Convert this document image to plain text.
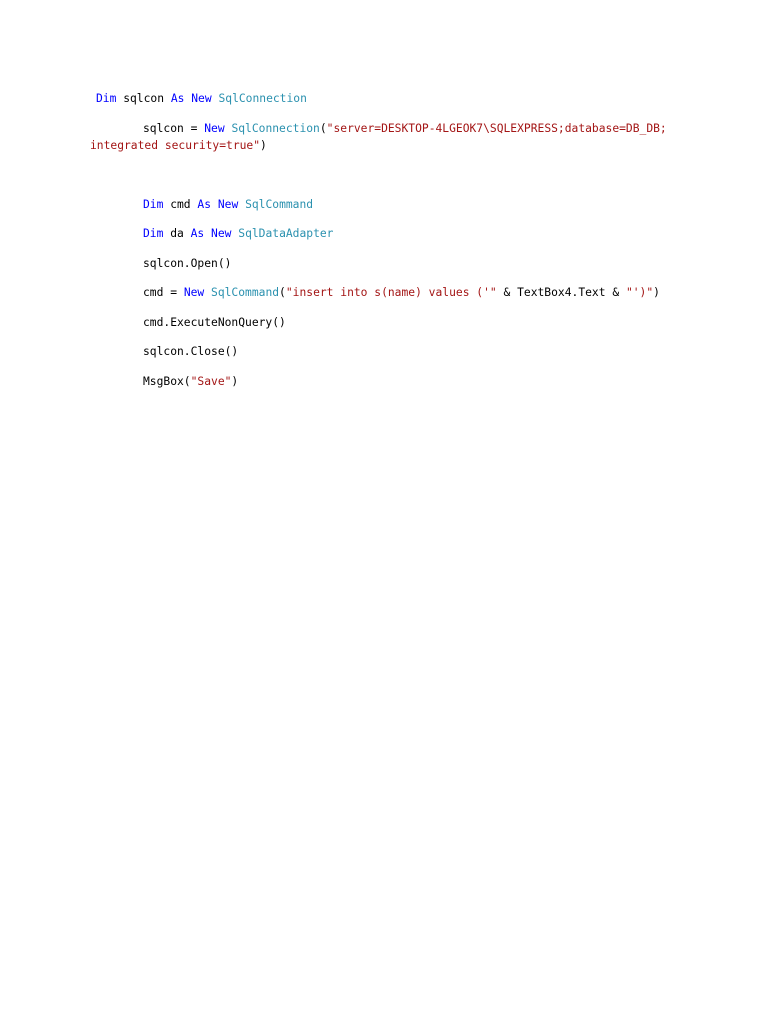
Dim sqlcon As New SqlConnection
sqlcon = New SqlConnection("server=DESKTOP-4LGEOK7\SQLEXPRESS;database=DB_DB;
integrated security=true")
Dim cmd As New SqlCommand
Dim da As New SqlDataAdapter
sqlcon.Open()
cmd = New SqlCommand("insert into s(name) values ('" & TextBox4.Text & "')")
cmd.ExecuteNonQuery()
sqlcon.Close()
MsgBox("Save")
